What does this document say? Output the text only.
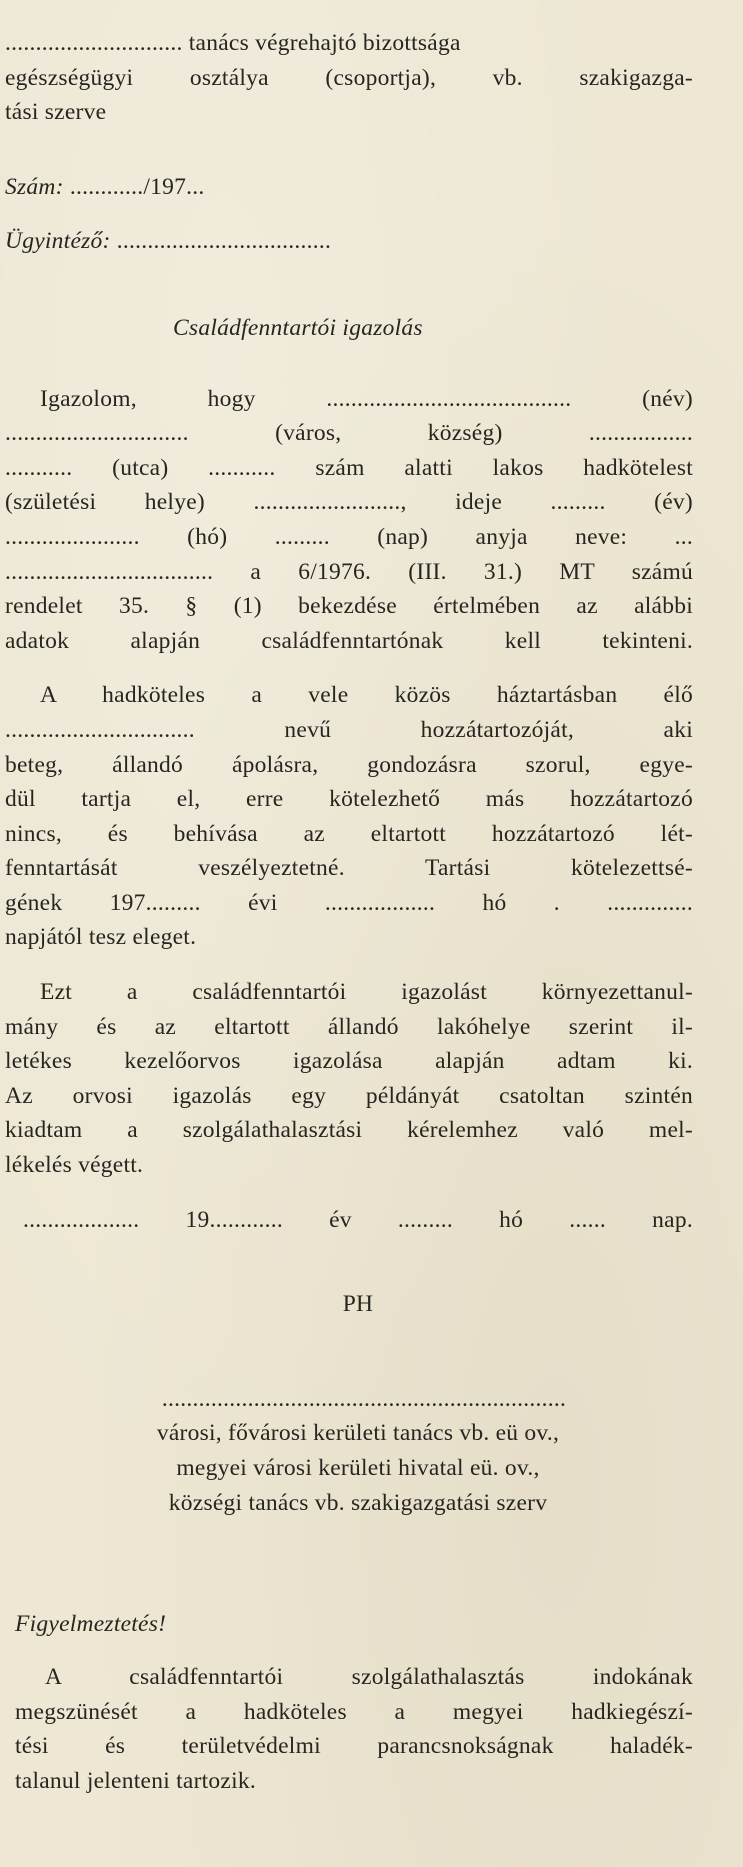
............................. tanács végrehajtó bizottsága
egészségügyi osztálya (csoportja), vb. szakigazga-
tási szerve
Szám: ............/197...
Ügyintéző: ...................................
Családfenntartói igazolás
Igazolom, hogy ........................................ (név)
.............................. (város, község) .................
........... (utca) ........... szám alatti lakos hadkötelest
(születési helye) ........................, ideje ......... (év)
...................... (hó) ......... (nap) anyja neve: ...
.................................. a 6/1976. (III. 31.) MT számú
rendelet 35. § (1) bekezdése értelmében az alábbi
adatok alapján családfenntartónak kell tekinteni.
A hadköteles a vele közös háztartásban élő
............................... nevű hozzátartozóját, aki
beteg, állandó ápolásra, gondozásra szorul, egye-
dül tartja el, erre kötelezhető más hozzátartozó
nincs, és behívása az eltartott hozzátartozó lét-
fenntartását veszélyeztetné. Tartási kötelezettsé-
gének 197......... évi .................. hó . ..............
napjától tesz eleget.
Ezt a családfenntartói igazolást környezettanul-
mány és az eltartott állandó lakóhelye szerint il-
letékes kezelőorvos igazolása alapján adtam ki.
Az orvosi igazolás egy példányát csatoltan szintén
kiadtam a szolgálathalasztási kérelemhez való mel-
lékelés végett.
................... 19............ év ......... hó ...... nap.
PH
..................................................................
városi, fővárosi kerületi tanács vb. eü ov.,
megyei városi kerületi hivatal eü. ov.,
községi tanács vb. szakigazgatási szerv
Figyelmeztetés!
A családfenntartói szolgálathalasztás indokának
megszünését a hadköteles a megyei hadkiegészí-
tési és területvédelmi parancsnokságnak haladék-
talanul jelenteni tartozik.
